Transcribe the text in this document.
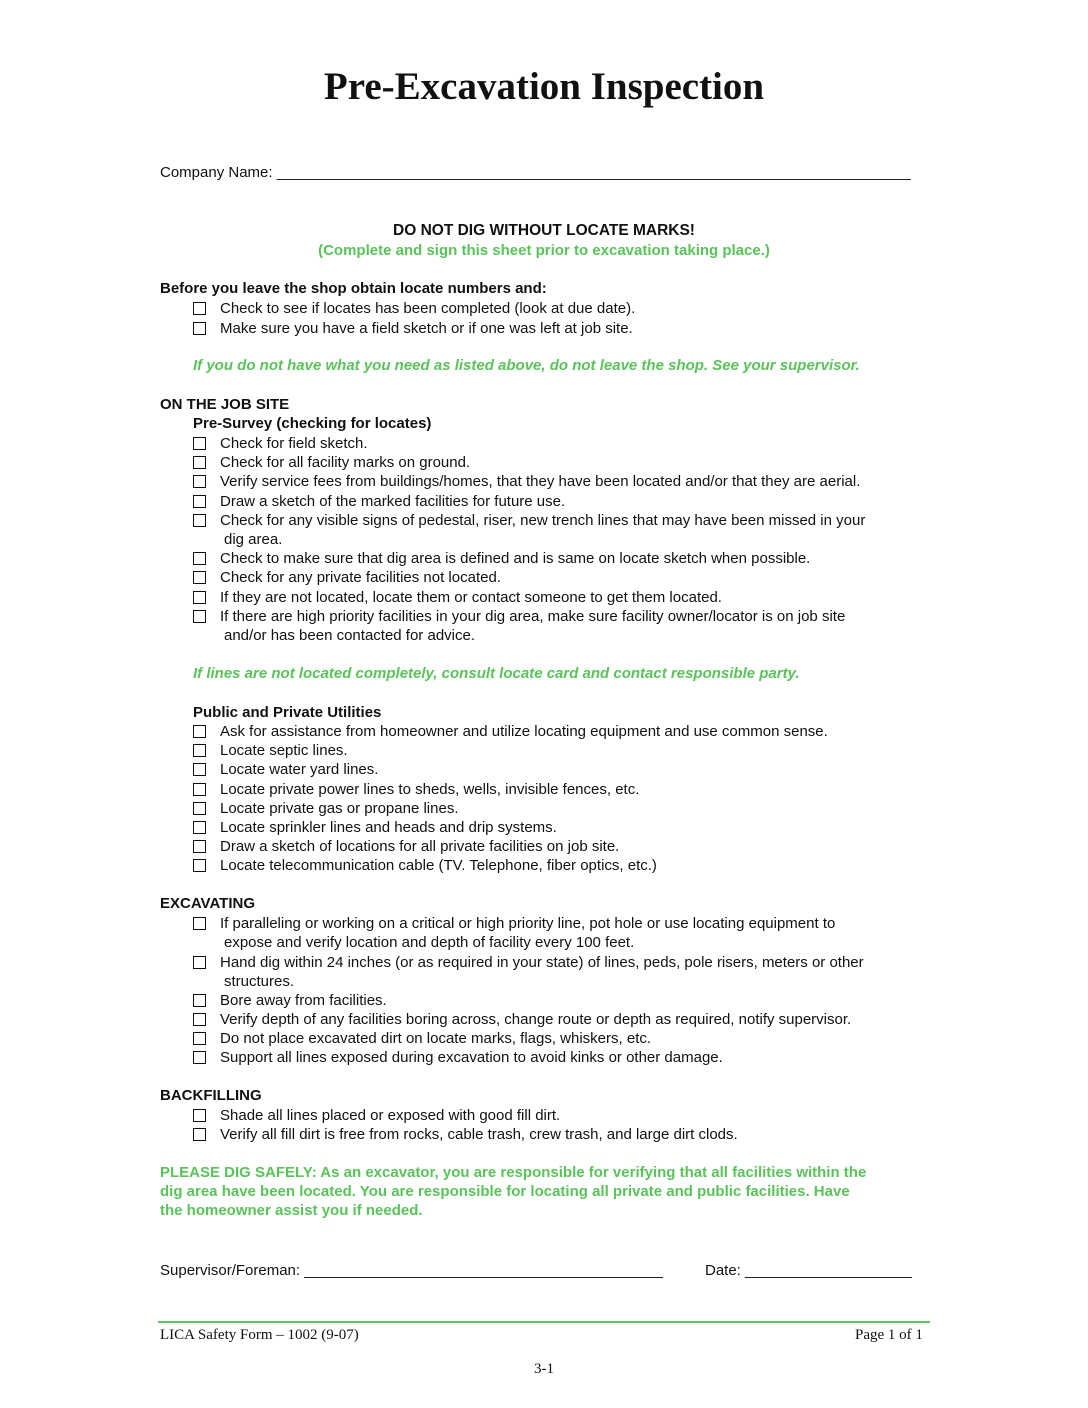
Pre-Excavation Inspection
Company Name: ____________________________________________________________________________
DO NOT DIG WITHOUT LOCATE MARKS!
(Complete and sign this sheet prior to excavation taking place.)
Before you leave the shop obtain locate numbers and:
Check to see if locates has been completed (look at due date).
Make sure you have a field sketch or if one was left at job site.
If you do not have what you need as listed above, do not leave the shop. See your supervisor.
ON THE JOB SITE
Pre-Survey (checking for locates)
Check for field sketch.
Check for all facility marks on ground.
Verify service fees from buildings/homes, that they have been located and/or that they are aerial.
Draw a sketch of the marked facilities for future use.
Check for any visible signs of pedestal, riser, new trench lines that may have been missed in your
dig area.
Check to make sure that dig area is defined and is same on locate sketch when possible.
Check for any private facilities not located.
If they are not located, locate them or contact someone to get them located.
If there are high priority facilities in your dig area, make sure facility owner/locator is on job site
and/or has been contacted for advice.
If lines are not located completely, consult locate card and contact responsible party.
Public and Private Utilities
Ask for assistance from homeowner and utilize locating equipment and use common sense.
Locate septic lines.
Locate water yard lines.
Locate private power lines to sheds, wells, invisible fences, etc.
Locate private gas or propane lines.
Locate sprinkler lines and heads and drip systems.
Draw a sketch of locations for all private facilities on job site.
Locate telecommunication cable (TV. Telephone, fiber optics, etc.)
EXCAVATING
If paralleling or working on a critical or high priority line, pot hole or use locating equipment to
expose and verify location and depth of facility every 100 feet.
Hand dig within 24 inches (or as required in your state) of lines, peds, pole risers, meters or other
structures.
Bore away from facilities.
Verify depth of any facilities boring across, change route or depth as required, notify supervisor.
Do not place excavated dirt on locate marks, flags, whiskers, etc.
Support all lines exposed during excavation to avoid kinks or other damage.
BACKFILLING
Shade all lines placed or exposed with good fill dirt.
Verify all fill dirt is free from rocks, cable trash, crew trash, and large dirt clods.
PLEASE DIG SAFELY: As an excavator, you are responsible for verifying that all facilities within the
dig area have been located. You are responsible for locating all private and public facilities. Have
the homeowner assist you if needed.
Supervisor/Foreman: ___________________________________________	Date: ____________________
LICA Safety Form – 1002 (9-07)	Page 1 of 1
3-1
